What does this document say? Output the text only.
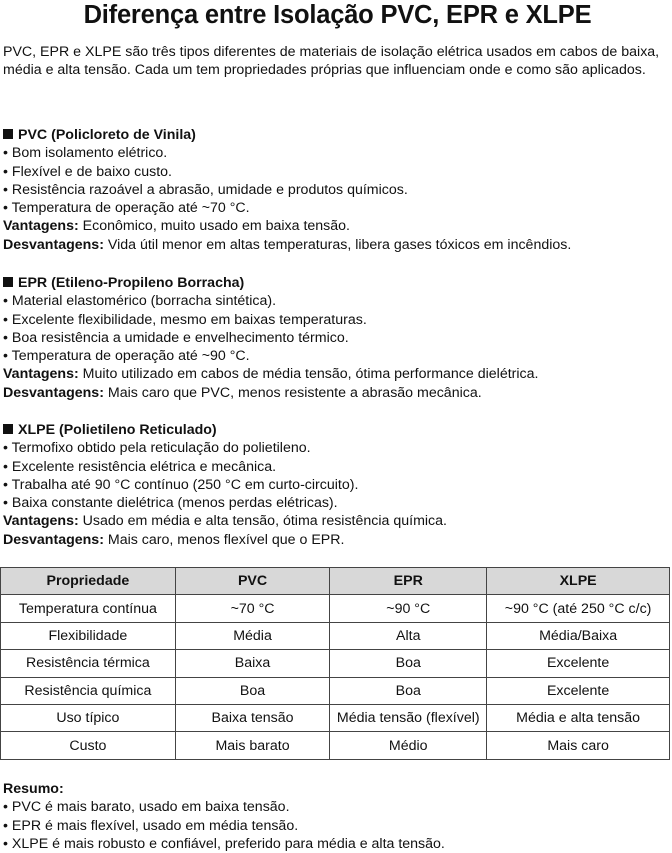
Diferença entre Isolação PVC, EPR e XLPE

PVC, EPR e XLPE são três tipos diferentes de materiais de isolação elétrica usados em cabos de baixa, média e alta tensão. Cada um tem propriedades próprias que influenciam onde e como são aplicados.

PVC (Policloreto de Vinila)
• Bom isolamento elétrico.
• Flexível e de baixo custo.
• Resistência razoável a abrasão, umidade e produtos químicos.
• Temperatura de operação até ~70 °C.
Vantagens: Econômico, muito usado em baixa tensão.
Desvantagens: Vida útil menor em altas temperaturas, libera gases tóxicos em incêndios.
EPR (Etileno-Propileno Borracha)
• Material elastomérico (borracha sintética).
• Excelente flexibilidade, mesmo em baixas temperaturas.
• Boa resistência a umidade e envelhecimento térmico.
• Temperatura de operação até ~90 °C.
Vantagens: Muito utilizado em cabos de média tensão, ótima performance dielétrica.
Desvantagens: Mais caro que PVC, menos resistente a abrasão mecânica.
XLPE (Polietileno Reticulado)
• Termofixo obtido pela reticulação do polietileno.
• Excelente resistência elétrica e mecânica.
• Trabalha até 90 °C contínuo (250 °C em curto-circuito).
• Baixa constante dielétrica (menos perdas elétricas).
Vantagens: Usado em média e alta tensão, ótima resistência química.
Desvantagens: Mais caro, menos flexível que o EPR.
Propriedade	PVC	EPR	XLPE
Temperatura contínua	~70 °C	~90 °C	~90 °C (até 250 °C c/c)
Flexibilidade	Média	Alta	Média/Baixa
Resistência térmica	Baixa	Boa	Excelente
Resistência química	Boa	Boa	Excelente
Uso típico	Baixa tensão	Média tensão (flexível)	Média e alta tensão
Custo	Mais barato	Médio	Mais caro
Resumo:
• PVC é mais barato, usado em baixa tensão.
• EPR é mais flexível, usado em média tensão.
• XLPE é mais robusto e confiável, preferido para média e alta tensão.
